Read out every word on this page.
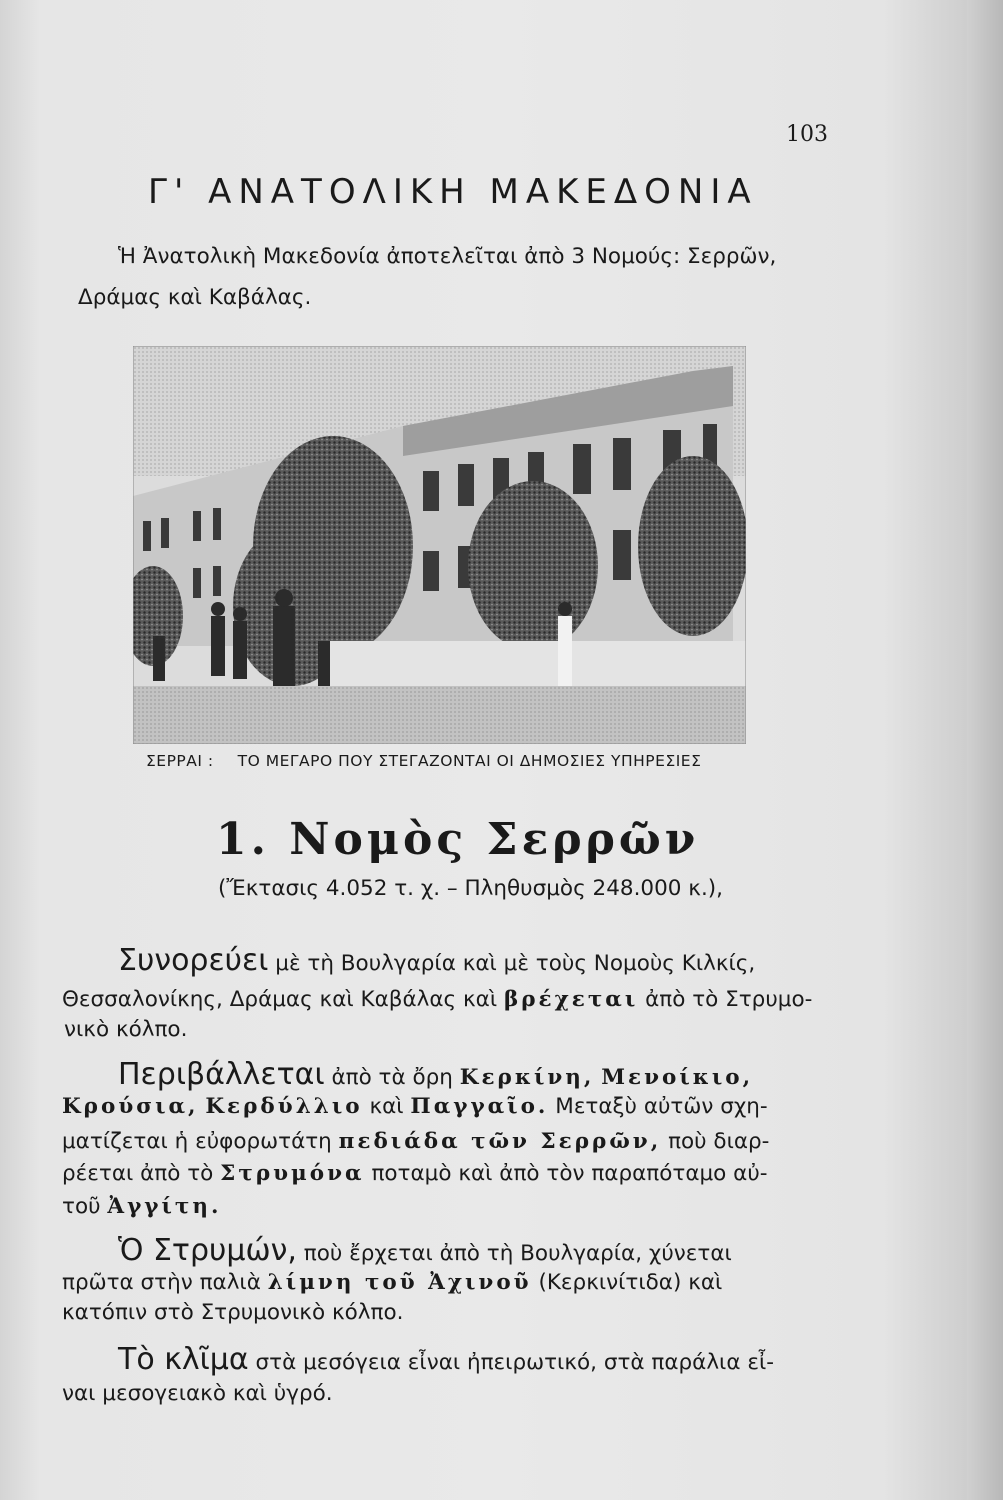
103
Γ' ΑΝΑΤΟΛΙΚΗ ΜΑΚΕΔΟΝΙΑ
Ἡ Ἀνατολικὴ Μακεδονία ἀποτελεῖται ἀπὸ 3 Νομούς: Σερρῶν,
Δράμας καὶ Καβάλας.
ΣΕΡΡΑΙ : ΤΟ ΜΕΓΑΡΟ ΠΟΥ ΣΤΕΓΑΖΟΝΤΑΙ ΟΙ ΔΗΜΟΣΙΕΣ ΥΠΗΡΕΣΙΕΣ
1. Νομὸς Σερρῶν
(Ἔκτασις 4.052 τ. χ. – Πληθυσμὸς 248.000 κ.),
Συνορεύει μὲ τὴ Βουλγαρία καὶ μὲ τοὺς Νομοὺς Κιλκίς,
Θεσσαλονίκης, Δράμας καὶ Καβάλας καὶ βρέχεται ἀπὸ τὸ Στρυμο-
νικὸ κόλπο.
Περιβάλλεται ἀπὸ τὰ ὄρη Κερκίνη, Μενοίκιο,
Κρούσια, Κερδύλλιο καὶ Παγγαῖο. Μεταξὺ αὐτῶν σχη-
ματίζεται ἡ εὐφορωτάτη πεδιάδα τῶν Σερρῶν, ποὺ διαρ-
ρέεται ἀπὸ τὸ Στρυμόνα ποταμὸ καὶ ἀπὸ τὸν παραπόταμο αὐ-
τοῦ Ἀγγίτη.
Ὁ Στρυμών, ποὺ ἔρχεται ἀπὸ τὴ Βουλγαρία, χύνεται
πρῶτα στὴν παλιὰ λίμνη τοῦ Ἀχινοῦ (Κερκινίτιδα) καὶ
κατόπιν στὸ Στρυμονικὸ κόλπο.
Τὸ κλῖμα στὰ μεσόγεια εἶναι ἠπειρωτικό, στὰ παράλια εἶ-
ναι μεσογειακὸ καὶ ὑγρό.
